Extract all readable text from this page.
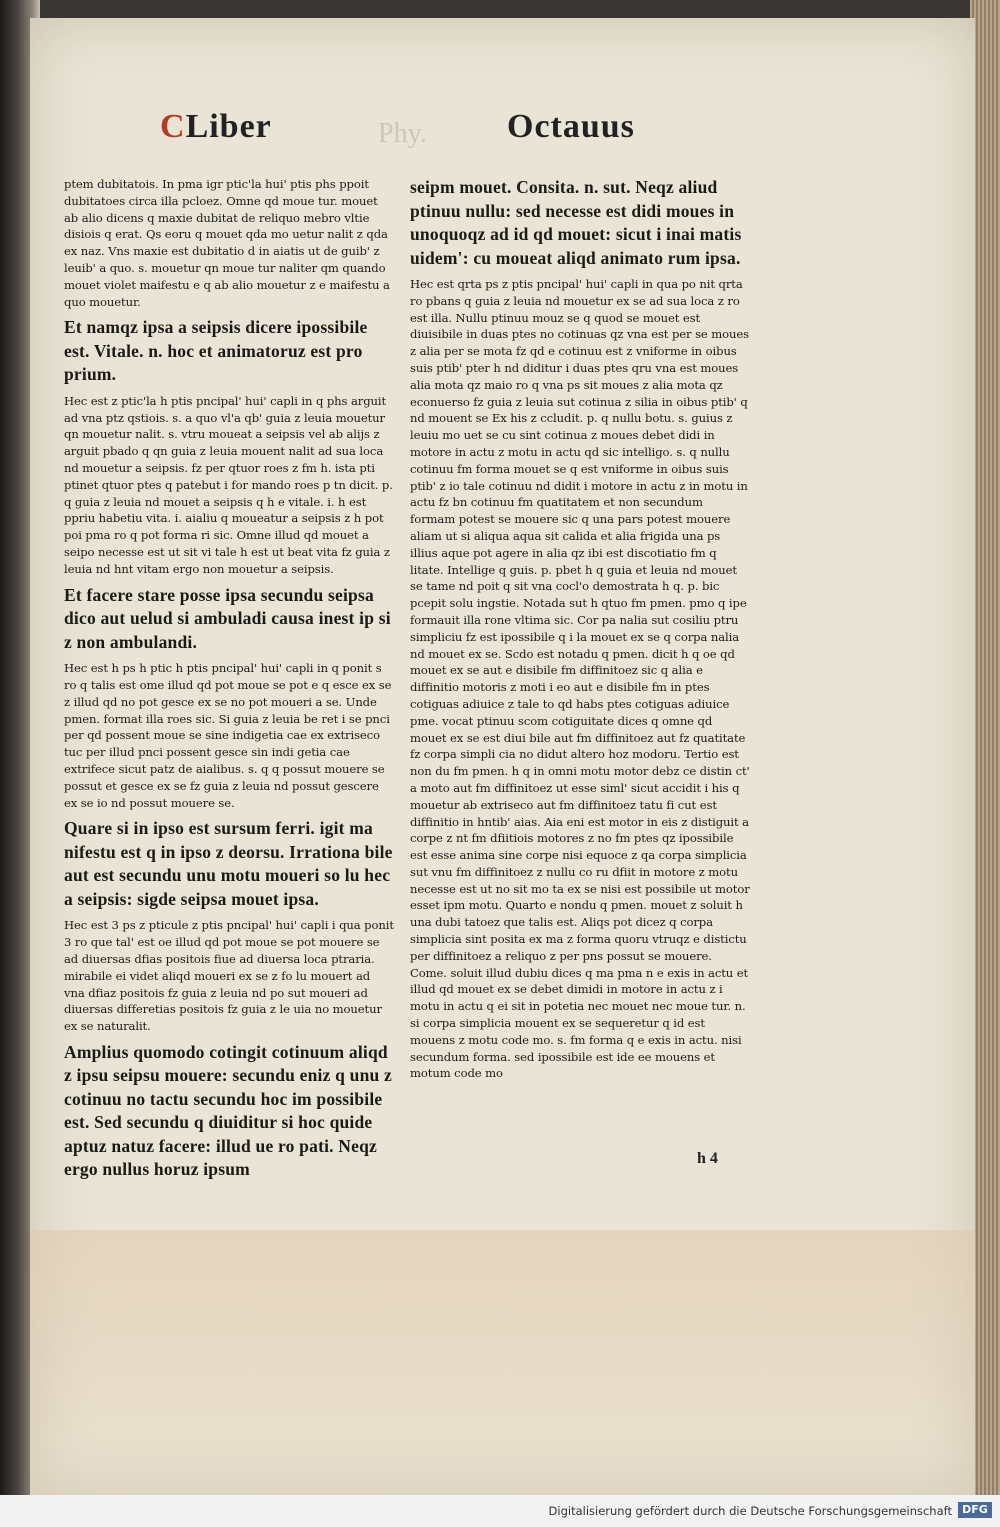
CLiber	Phy. Octauus

ptem dubitatois. In pma igr ptic'la hui' ptis phs ppoit dubitatoes circa illa pcloez. Omne qd moue tur. mouet ab alio dicens q maxie dubitat de reliquo mebro vltie disiois q erat. Qs eoru q mouet qda mo uetur nalit z qda ex naz. Vns maxie est dubitatio d in aiatis ut de guib' z leuib' a quo. s. mouetur qn moue tur naliter qm quando mouet violet maifestu e q ab alio mouetur z e maifestu a quo mouetur.

Et namqz ipsa a seipsis dicere ipossibile est. Vitale. n. hoc et animatoruz est pro prium.

Hec est z ptic'la h ptis pncipal' hui' capli in q phs arguit ad vna ptz qstiois. s. a quo vl'a qb' guia z leuia mouetur qn mouetur nalit. s. vtru moueat a seipsis vel ab alijs z arguit pbado q qn guia z leuia mouent nalit ad sua loca nd mouetur a seipsis. fz per qtuor roes z fm h. ista pti ptinet qtuor ptes q patebut i for mando roes p tn dicit. p. q guia z leuia nd mouet a seipsis q h e vitale. i. h est ppriu habetiu vita. i. aialiu q moueatur a seipsis z h pot poi pma ro q pot forma ri sic. Omne illud qd mouet a seipo necesse est ut sit vi tale h est ut beat vita fz guia z leuia nd hnt vitam ergo non mouetur a seipsis.

Et facere stare posse ipsa secundu seipsa dico aut uelud si ambuladi causa inest ip si z non ambulandi.

Hec est h ps h ptic h ptis pncipal' hui' capli in q ponit s ro q talis est ome illud qd pot moue se pot e q esce ex se z illud qd no pot gesce ex se no pot moueri a se. Unde pmen. format illa roes sic. Si guia z leuia be ret i se pnci per qd possent moue se sine indigetia cae ex extriseco tuc per illud pnci possent gesce sin indi getia cae extrifece sicut patz de aialibus. s. q q possut mouere se possut et gesce ex se fz guia z leuia nd possut gescere ex se io nd possut mouere se.

Quare si in ipso est sursum ferri. igit ma nifestu est q in ipso z deorsu. Irrationa bile aut est secundu unu motu moueri so lu hec a seipsis: sigde seipsa mouet ipsa.

Hec est 3 ps z pticule z ptis pncipal' hui' capli i qua ponit 3 ro que tal' est oe illud qd pot moue se pot mouere se ad diuersas dfias positois fiue ad diuersa loca ptraria. mirabile ei videt aliqd moueri ex se z fo lu mouert ad vna dfiaz positois fz guia z leuia nd po sut moueri ad diuersas differetias positois fz guia z le uia no mouetur ex se naturalit.

Amplius quomodo cotingit cotinuum aliqd z ipsu seipsu mouere: secundu eniz q unu z cotinuu no tactu secundu hoc im possibile est. Sed secundu q diuiditur si hoc quide aptuz natuz facere: illud ue ro pati. Neqz ergo nullus horuz ipsum

seipm mouet. Consita. n. sut. Neqz aliud ptinuu nullu: sed necesse est didi moues in unoquoqz ad id qd mouet: sicut i inai matis uidem': cu moueat aliqd animato rum ipsa.

Hec est qrta ps z ptis pncipal' hui' capli in qua po nit qrta ro pbans q guia z leuia nd mouetur ex se ad sua loca z ro est illa. Nullu ptinuu mouz se q quod se mouet est diuisibile in duas ptes no cotinuas qz vna est per se moues z alia per se mota fz qd e cotinuu est z vniforme in oibus suis ptib' pter h nd diditur i duas ptes qru vna est moues alia mota qz maio ro q vna ps sit moues z alia mota qz econuerso fz guia z leuia sut cotinua z silia in oibus ptib' q nd mouent se Ex his z ccludit. p. q nullu botu. s. guius z leuiu mo uet se cu sint cotinua z moues debet didi in motore in actu z motu in actu qd sic intelligo. s. q nullu cotinuu fm forma mouet se q est vniforme in oibus suis ptib' z io tale cotinuu nd didit i motore in actu z in motu in actu fz bn cotinuu fm quatitatem et non secundum formam potest se mouere sic q una pars potest mouere aliam ut si aliqua aqua sit calida et alia frigida una ps illius aque pot agere in alia qz ibi est discotiatio fm q litate. Intellige q guis. p. pbet h q guia et leuia nd mouet se tame nd poit q sit vna cocl'o demostrata h q. p. bic pcepit solu ingstie. Notada sut h qtuo fm pmen. pmo q ipe formauit illa rone vltima sic. Cor pa nalia sut cosiliu ptru simpliciu fz est ipossibile q i la mouet ex se q corpa nalia nd mouet ex se. Scdo est notadu q pmen. dicit h q oe qd mouet ex se aut e disibile fm diffinitoez sic q alia e diffinitio motoris z moti i eo aut e disibile fm in ptes cotiguas adiuice z tale to qd habs ptes cotiguas adiuice pme. vocat ptinuu scom cotiguitate dices q omne qd mouet ex se est diui bile aut fm diffinitoez aut fz quatitate fz corpa simpli cia no didut altero hoz modoru. Tertio est non du fm pmen. h q in omni motu motor debz ce distin ct' a moto aut fm diffinitoez ut esse siml' sicut accidit i his q mouetur ab extriseco aut fm diffinitoez tatu fi cut est diffinitio in hntib' aias. Aia eni est motor in eis z distiguit a corpe z nt fm dfiitiois motores z no fm ptes qz ipossibile est esse anima sine corpe nisi equoce z qa corpa simplicia sut vnu fm diffinitoez z nullu co ru dfiit in motore z motu necesse est ut no sit mo ta ex se nisi est possibile ut motor esset ipm motu. Quarto e nondu q pmen. mouet z soluit h una dubi tatoez que talis est. Aliqs pot dicez q corpa simplicia sint posita ex ma z forma quoru vtruqz e distictu per diffinitoez a reliquo z per pns possut se mouere. Come. soluit illud dubiu dices q ma pma n e exis in actu et illud qd mouet ex se debet dimidi in motore in actu z i motu in actu q ei sit in potetia nec mouet nec moue tur. n. si corpa simplicia mouent ex se sequeretur q id est mouens z motu code mo. s. fm forma q e exis in actu. nisi secundum forma. sed ipossibile est ide ee mouens et motum code mo

h 4
Digitalisierung gefördert durch die Deutsche Forschungsgemeinschaft DFG
